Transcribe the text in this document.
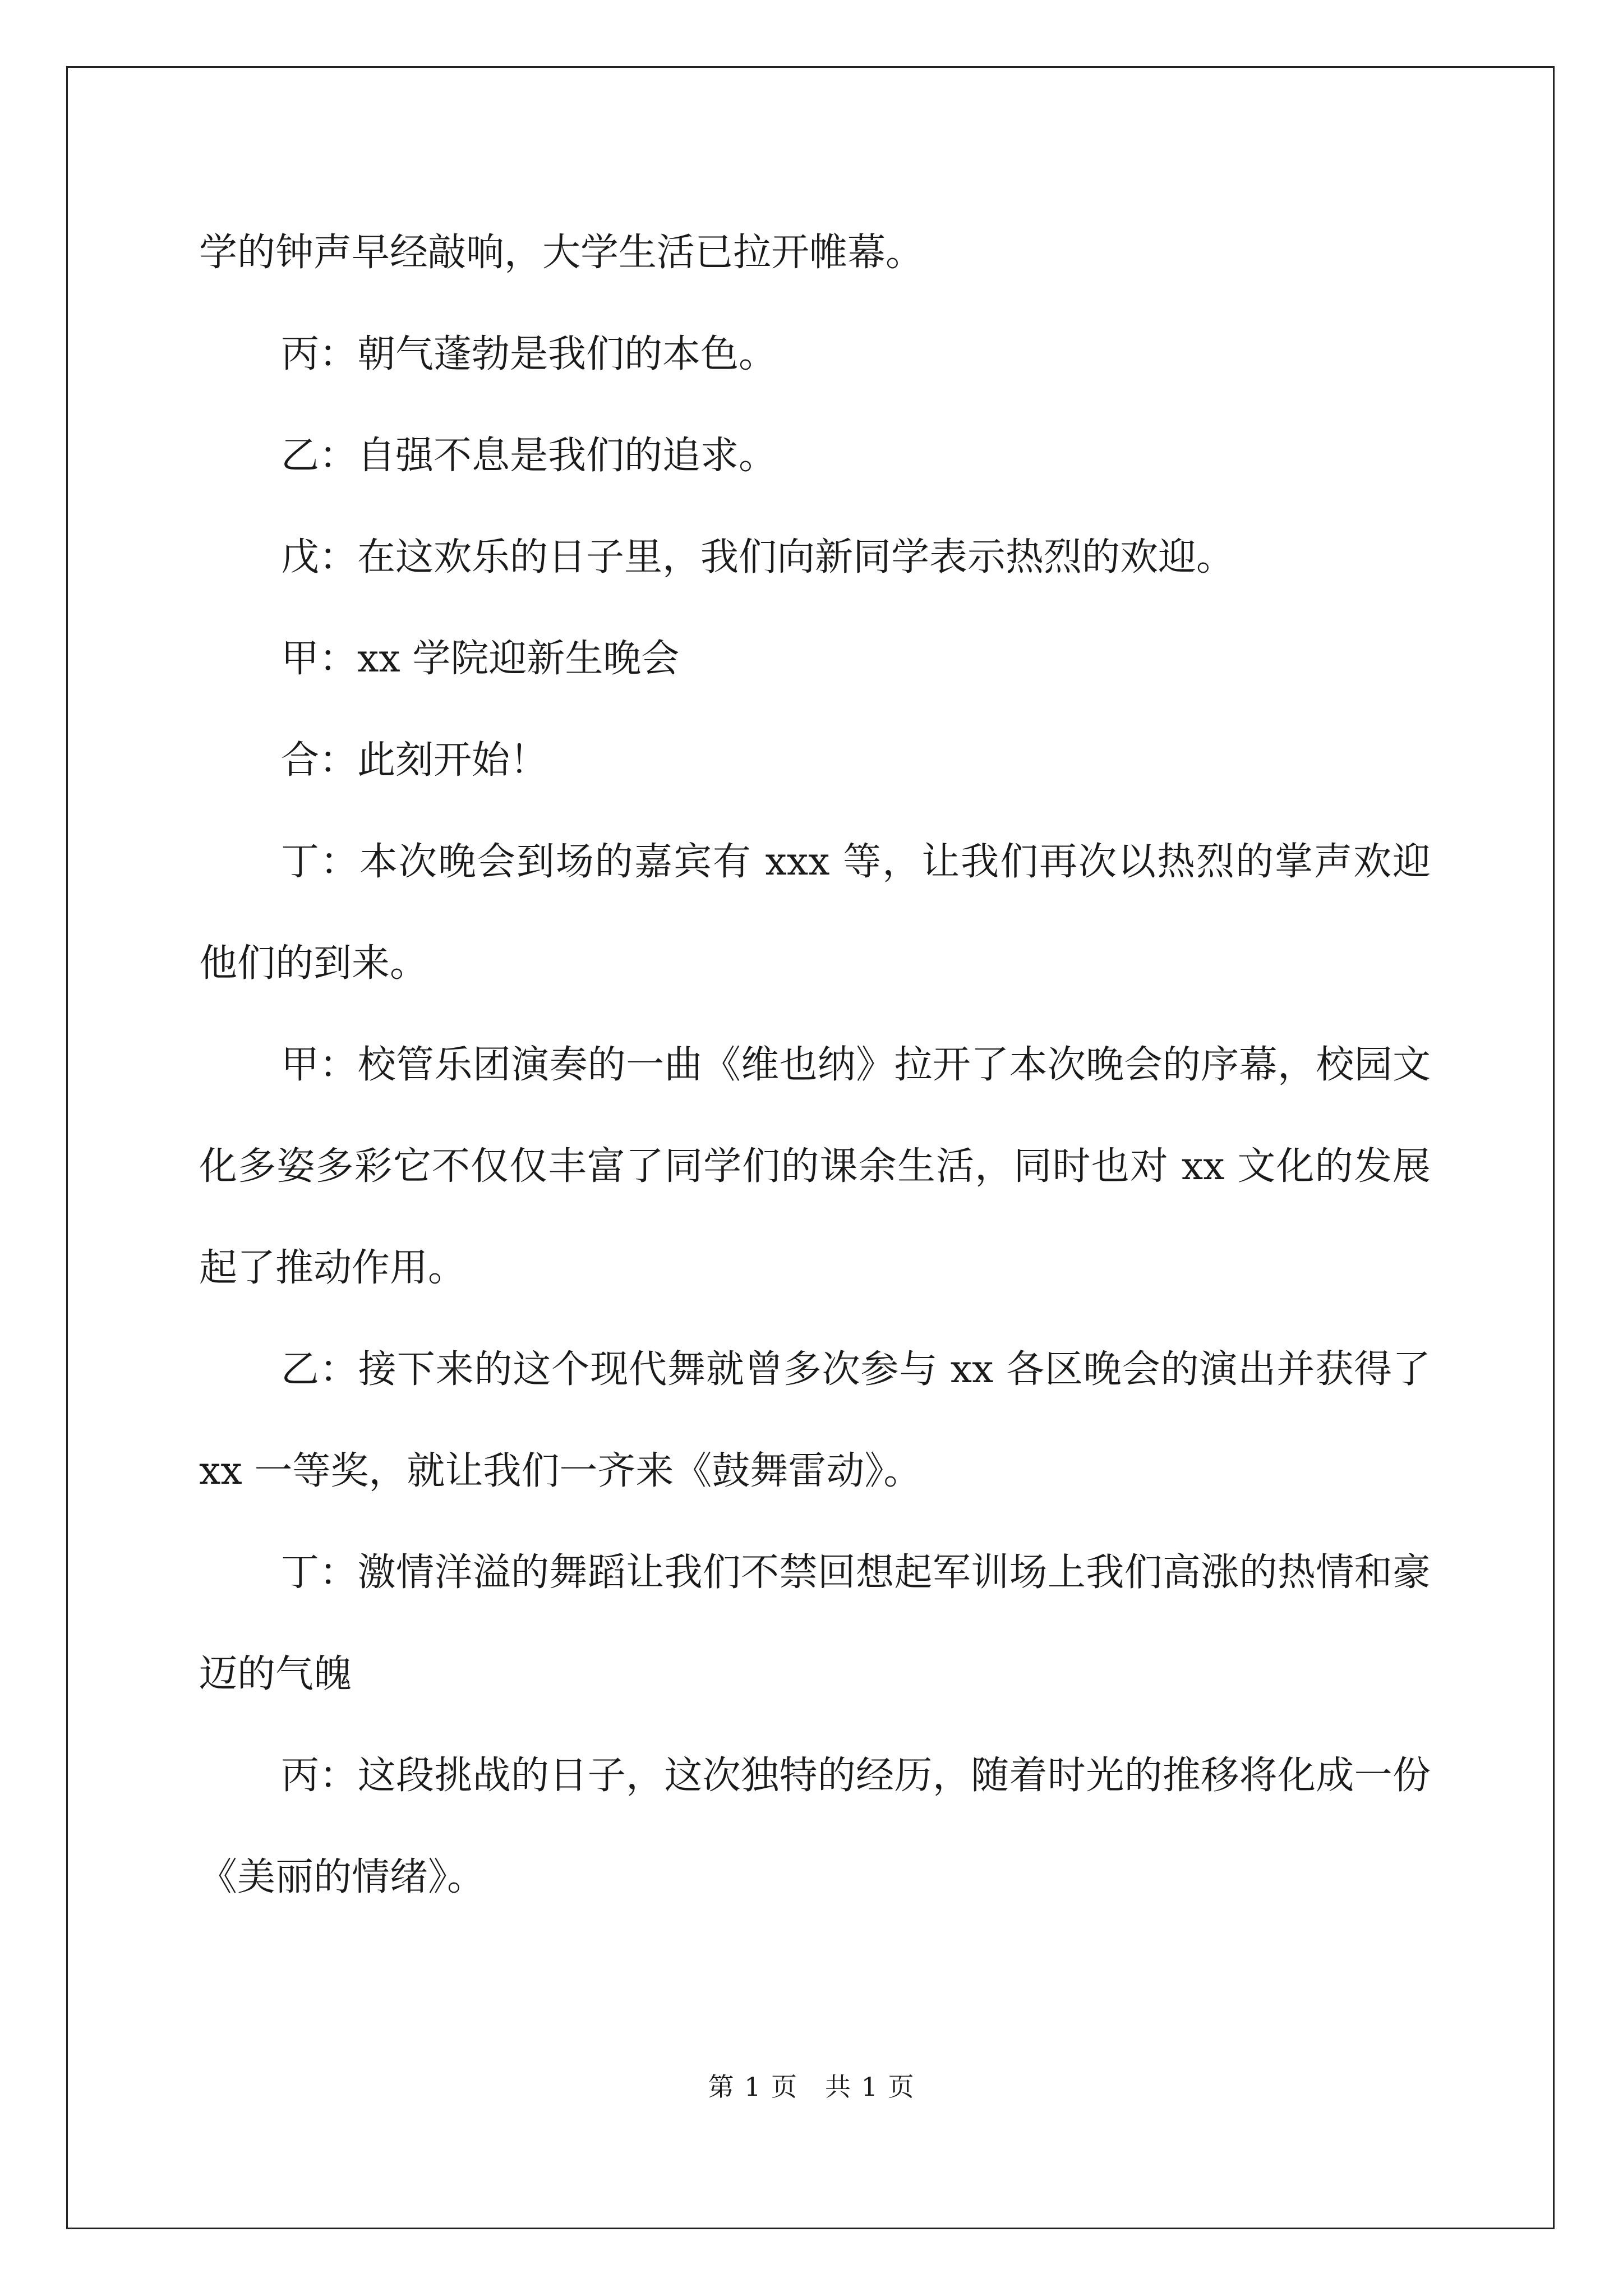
学的钟声早经敲响，大学生活已拉开帷幕。

丙：朝气蓬勃是我们的本色。

乙：自强不息是我们的追求。

戊：在这欢乐的日子里，我们向新同学表示热烈的欢迎。

甲：xx 学院迎新生晚会

合：此刻开始！

丁：本次晚会到场的嘉宾有 xxx 等，让我们再次以热烈的掌声欢迎他们的到来。

甲：校管乐团演奏的一曲《维也纳》拉开了本次晚会的序幕，校园文化多姿多彩它不仅仅丰富了同学们的课余生活，同时也对 xx 文化的发展起了推动作用。

乙：接下来的这个现代舞就曾多次参与 xx 各区晚会的演出并获得了 xx 一等奖，就让我们一齐来《鼓舞雷动》。

丁：激情洋溢的舞蹈让我们不禁回想起军训场上我们高涨的热情和豪迈的气魄

丙：这段挑战的日子，这次独特的经历，随着时光的推移将化成一份《美丽的情绪》。

第 1 页　共 1 页
